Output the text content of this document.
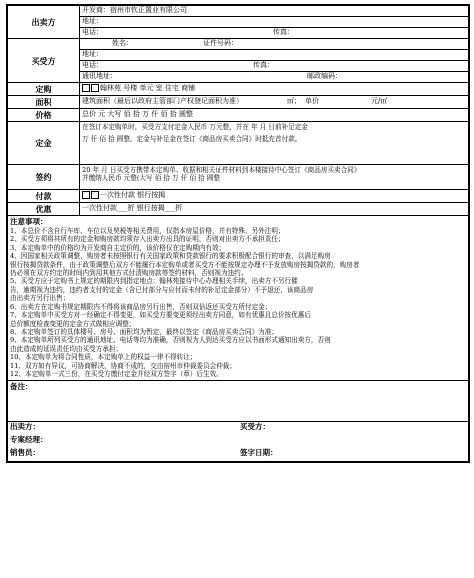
出卖方	
开发商：宿州市钦正置业有限公司
地址：
电话：	传真：

买受方	
姓名：	证件号码：
地址：
电话：	传真：
通讯地址：	邮政编码：

定购	翰林苑 号楼 单元 室 住宅 商铺
面积	建筑面积（最后以政府主管部门产权登记面积为准）	㎡； 单价	元/㎡
价格	总价 元 大写 佰 拾 万 仟 佰 拾 圆整
定金	
在签订本定购单时，买受方支付定金人民币 万元整，并在 年 月 日前补足定金
万 仟 佰 拾 圆整。定金与补足金在签订《商品房买卖合同》时抵充首付款。

签约	
20 年 月 日买受方携带本定购单、收据和相关证件材料到本楼接待中心签订《商品房买卖合同》
并缴纳人民币 元整(大写 佰 拾 万 仟 佰 拾 圆整

付款	一次性付款 银行按揭
优惠	一次性付款___折 银行按揭___折
注意事项：
1、本总价不含自行车库、车位以及契税等相关费用，仅指本房屋价格，并有特殊，另外注明；
2、买受方须将其所有的定金和购房款均须存入出卖方出具的证明，否则对出卖方不承担责任；
3、本定购单中的价格均为开发商自主定价的，该价格仅在定购期内有效；
4、因国家相关政策调整，购房者未按照银行有关国家政策和贷款银行的要求积极配合银行的审查，以满足购房
银行按揭贷款条件，由于政策调整后双方不能履行本定购单或者买受方不能按规定办理不予发放购房按揭贷款的，购房者
仍必须在双方约定的时间内到用其他方式付清购房款等签约材料，否则视为违约。
5、买受方应于定购书上规定的期限内到指定地点：翰林苑接待中心办理相关手续，出卖方不另行催
告，逾期视为违约，违约者支付的定金（含已付部分与应付而未付的补足定金部分）不予退还，该商品房
由出卖方另行出售；
6、出卖方在定购书规定期限内不得将该商品房另行出售，否则双倍返还买受方所付定金；
7、本定购单中买受方对一经确定不得变更，如买受方要变更须经出卖方同意，如有优惠且总价按优惠后
总价额度检查变更的定金方式做相应调整；
8、本定购单签订的具体楼号、房号、面积均为暂定，最终以签定《商品房买卖合同》为准；
9、本定购单所列买受方的通讯地址、电话等均为准确，否则视为人到达买受方应以书面形式通知出卖方，否则
由此造成的延误责任均由买受方承担；
10、本定购单为将合同性质，本定购单上的权益一律不得转让；
11、双方如有异议，可协商解决，协商不成的，交由宿州市仲裁委员会仲裁；
12、本定购单一式三份，在买受方缴付定金并经双方签字（章）后生效。

备注：

出卖方：	买受方：
专案经理：	
销售员：	签字日期：
